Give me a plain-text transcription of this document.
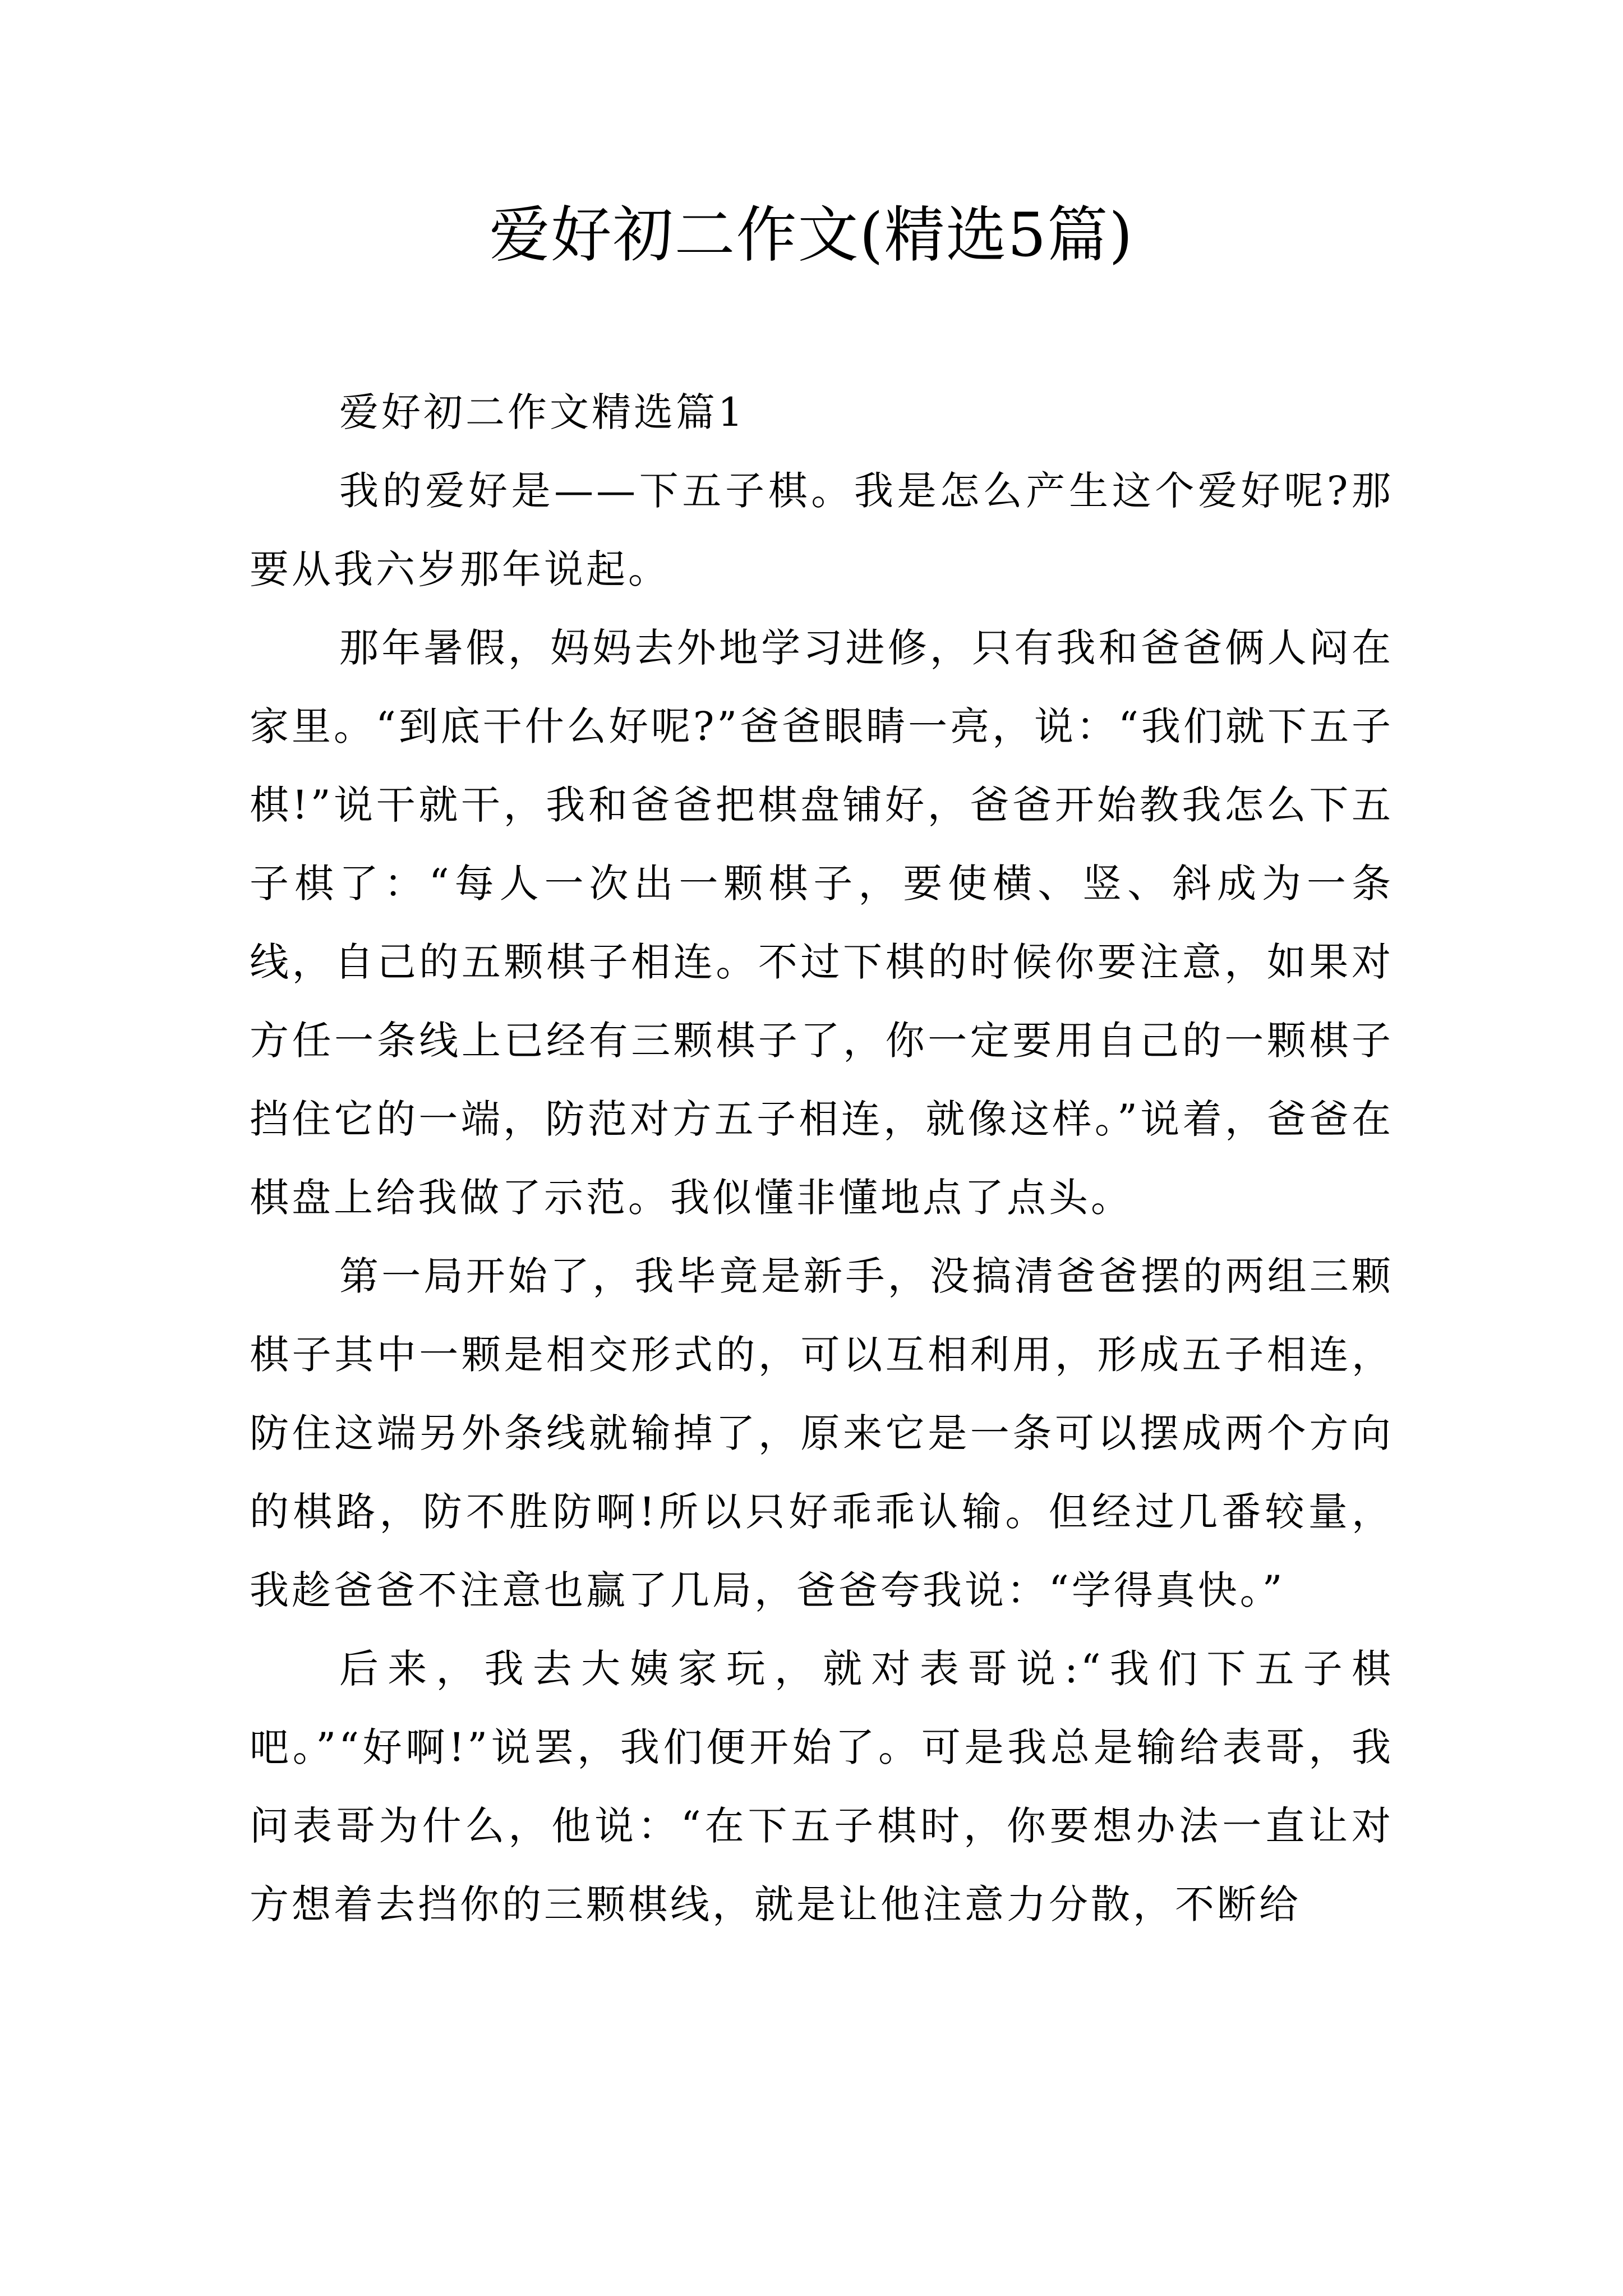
爱好初二作文(精选5篇)

爱好初二作文精选篇1

我的爱好是——下五子棋。我是怎么产生这个爱好呢?那要从我六岁那年说起。

那年暑假，妈妈去外地学习进修，只有我和爸爸俩人闷在家里。“到底干什么好呢?”爸爸眼睛一亮，说：“我们就下五子棋!”说干就干，我和爸爸把棋盘铺好，爸爸开始教我怎么下五子棋了：“每人一次出一颗棋子，要使横、竖、斜成为一条线，自己的五颗棋子相连。不过下棋的时候你要注意，如果对方任一条线上已经有三颗棋子了，你一定要用自己的一颗棋子挡住它的一端，防范对方五子相连，就像这样。”说着，爸爸在棋盘上给我做了示范。我似懂非懂地点了点头。

第一局开始了，我毕竟是新手，没搞清爸爸摆的两组三颗棋子其中一颗是相交形式的，可以互相利用，形成五子相连，防住这端另外条线就输掉了，原来它是一条可以摆成两个方向的棋路，防不胜防啊!所以只好乖乖认输。但经过几番较量，我趁爸爸不注意也赢了几局，爸爸夸我说：“学得真快。”

后来，我去大姨家玩，就对表哥说:“我们下五子棋吧。”“好啊!”说罢，我们便开始了。可是我总是输给表哥，我问表哥为什么，他说：“在下五子棋时，你要想办法一直让对方想着去挡你的三颗棋线，就是让他注意力分散，不断给
